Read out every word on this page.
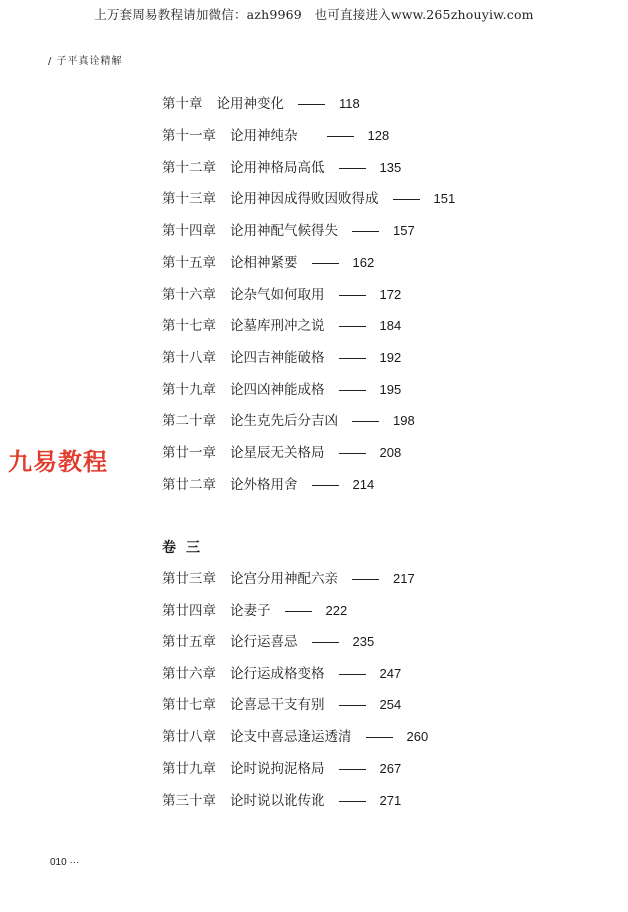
上万套周易教程请加微信：azh9969　也可直接进入www.265zhouyiw.com
/ 子平真诠精解
九易教程
第十章 论用神变化	118
第十一章 论用神纯杂	128
第十二章 论用神格局高低	135
第十三章 论用神因成得败因败得成	151
第十四章 论用神配气候得失	157
第十五章 论相神紧要	162
第十六章 论杂气如何取用	172
第十七章 论墓库刑冲之说	184
第十八章 论四吉神能破格	192
第十九章 论四凶神能成格	195
第二十章 论生克先后分吉凶	198
第廿一章 论星辰无关格局	208
第廿二章 论外格用舍	214
卷三
第廿三章 论宫分用神配六亲	217
第廿四章 论妻子	222
第廿五章 论行运喜忌	235
第廿六章 论行运成格变格	247
第廿七章 论喜忌干支有别	254
第廿八章 论支中喜忌逢运透清	260
第廿九章 论时说拘泥格局	267
第三十章 论时说以讹传讹	271
010 ···
